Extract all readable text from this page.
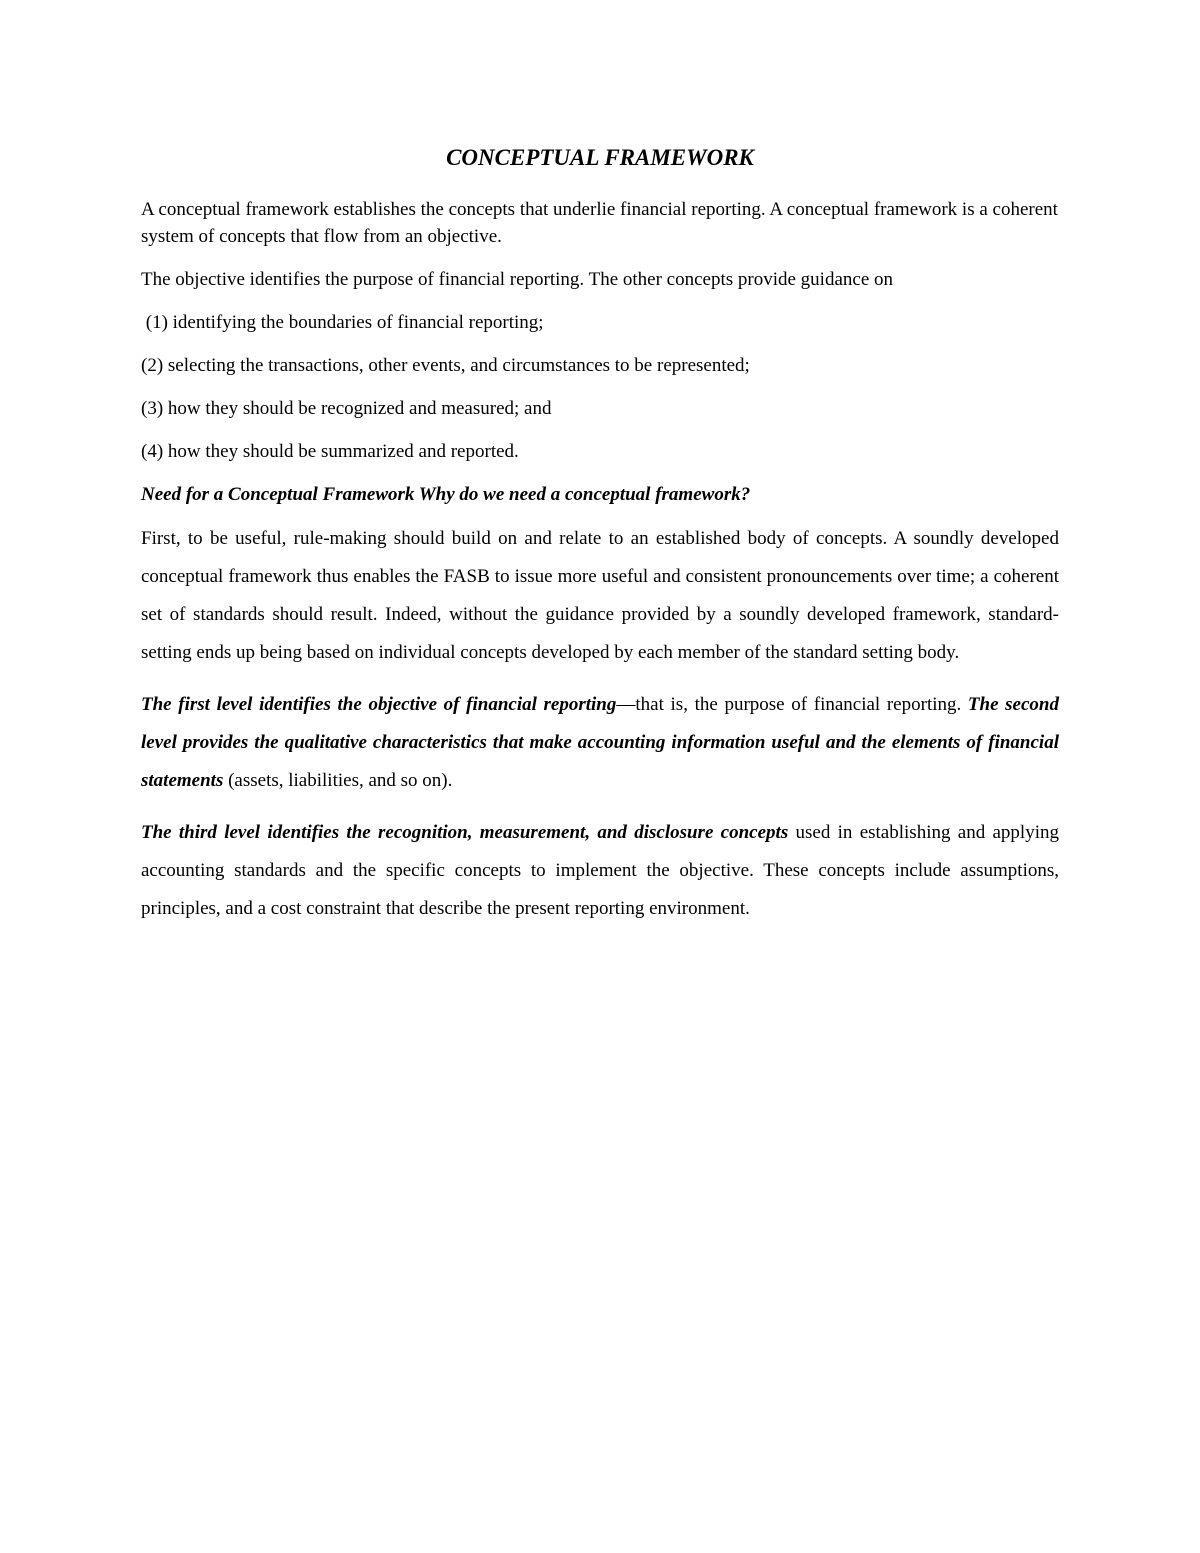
CONCEPTUAL FRAMEWORK

A conceptual framework establishes the concepts that underlie financial reporting. A conceptual framework is a coherent system of concepts that flow from an objective.

The objective identifies the purpose of financial reporting. The other concepts provide guidance on

(1) identifying the boundaries of financial reporting;

(2) selecting the transactions, other events, and circumstances to be represented;

(3) how they should be recognized and measured; and

(4) how they should be summarized and reported.

Need for a Conceptual Framework Why do we need a conceptual framework?

First, to be useful, rule-making should build on and relate to an established body of concepts. A soundly developed conceptual framework thus enables the FASB to issue more useful and consistent pronouncements over time; a coherent set of standards should result. Indeed, without the guidance provided by a soundly developed framework, standard-setting ends up being based on individual concepts developed by each member of the standard setting body.

The first level identifies the objective of financial reporting—that is, the purpose of financial reporting. The second level provides the qualitative characteristics that make accounting information useful and the elements of financial statements (assets, liabilities, and so on).

The third level identifies the recognition, measurement, and disclosure concepts used in establishing and applying accounting standards and the specific concepts to implement the objective. These concepts include assumptions, principles, and a cost constraint that describe the present reporting environment.
